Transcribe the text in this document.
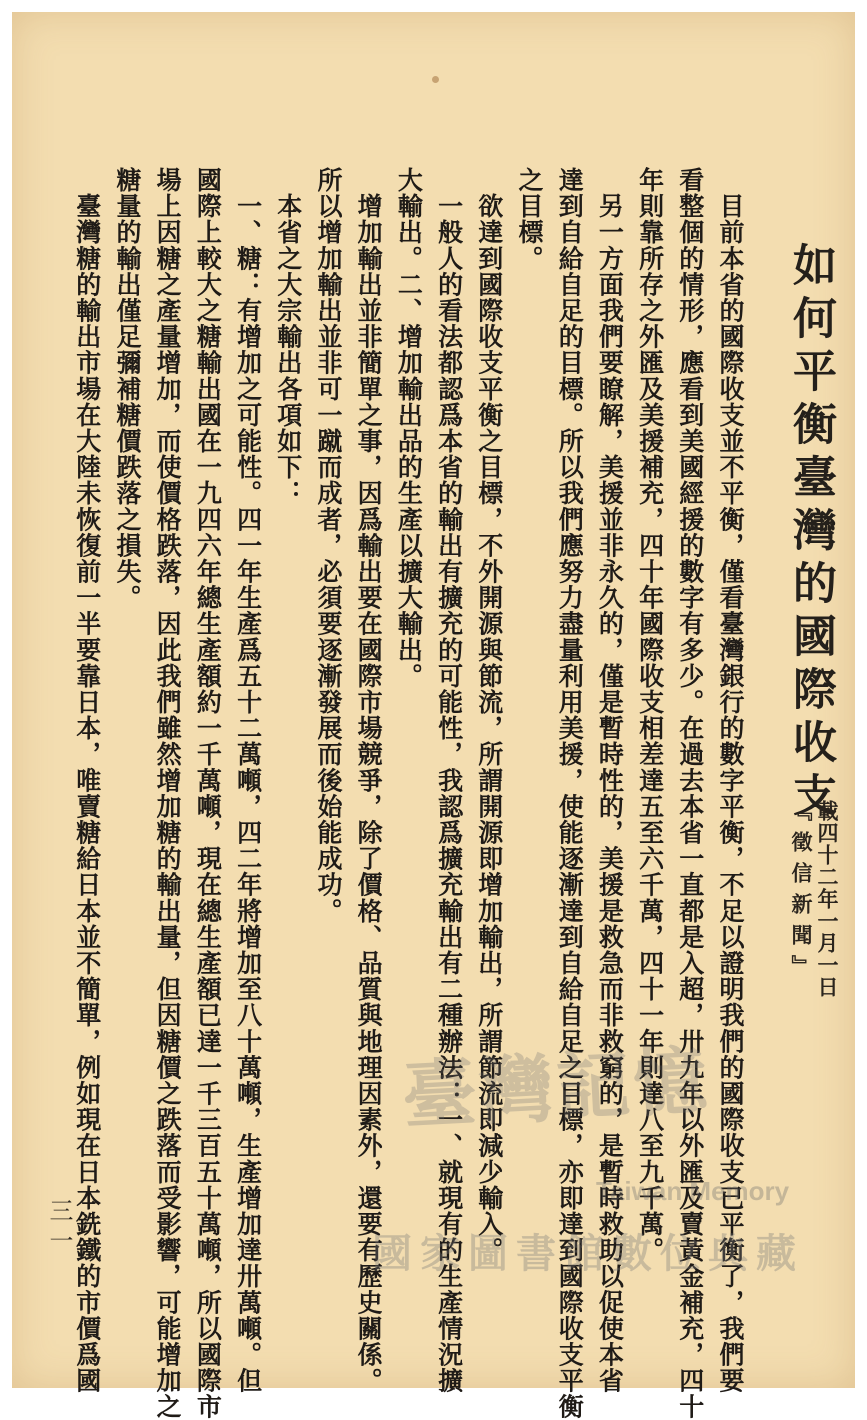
如何平衡臺灣的國際收支
載四十二年一月一日
『徵信新聞』

　目前本省的國際收支並不平衡，僅看臺灣銀行的數字平衡，不足以證明我們的國際收支已平衡了，我們要

看整個的情形，應看到美國經援的數字有多少。在過去本省一直都是入超，卅九年以外匯及賣黃金補充，四十

年則靠所存之外匯及美援補充，四十年國際收支相差達五至六千萬，四十一年則達八至九千萬。

　另一方面我們要瞭解，美援並非永久的，僅是暫時性的，美援是救急而非救窮的，是暫時救助以促使本省

達到自給自足的目標。所以我們應努力盡量利用美援，使能逐漸達到自給自足之目標，亦即達到國際收支平衡

之目標。

　欲達到國際收支平衡之目標，不外開源與節流，所謂開源即增加輸出，所謂節流即減少輸入。

　一般人的看法都認爲本省的輸出有擴充的可能性，我認爲擴充輸出有二種辦法：一、就現有的生產情況擴

大輸出。二、增加輸出品的生產以擴大輸出。

　增加輸出並非簡單之事，因爲輸出要在國際市場競爭，除了價格、品質與地理因素外，還要有歷史關係。

所以增加輸出並非可一蹴而成者，必須要逐漸發展而後始能成功。

　本省之大宗輸出各項如下：

　一、糖：有增加之可能性。四一年生產爲五十二萬噸，四二年將增加至八十萬噸，生產增加達卅萬噸。但

國際上較大之糖輸出國在一九四六年總生產額約一千萬噸，現在總生產額已達一千三百五十萬噸，所以國際市

場上因糖之產量增加，而使價格跌落，因此我們雖然增加糖的輸出量，但因糖價之跌落而受影響，可能增加之

糖量的輸出僅足彌補糖價跌落之損失。

　臺灣糖的輸出市場在大陸未恢復前一半要靠日本，唯賣糖給日本並不簡單，例如現在日本銑鐵的市價爲國

三一
臺灣記憶
Taiwan Memory
國家圖書館數位典藏
